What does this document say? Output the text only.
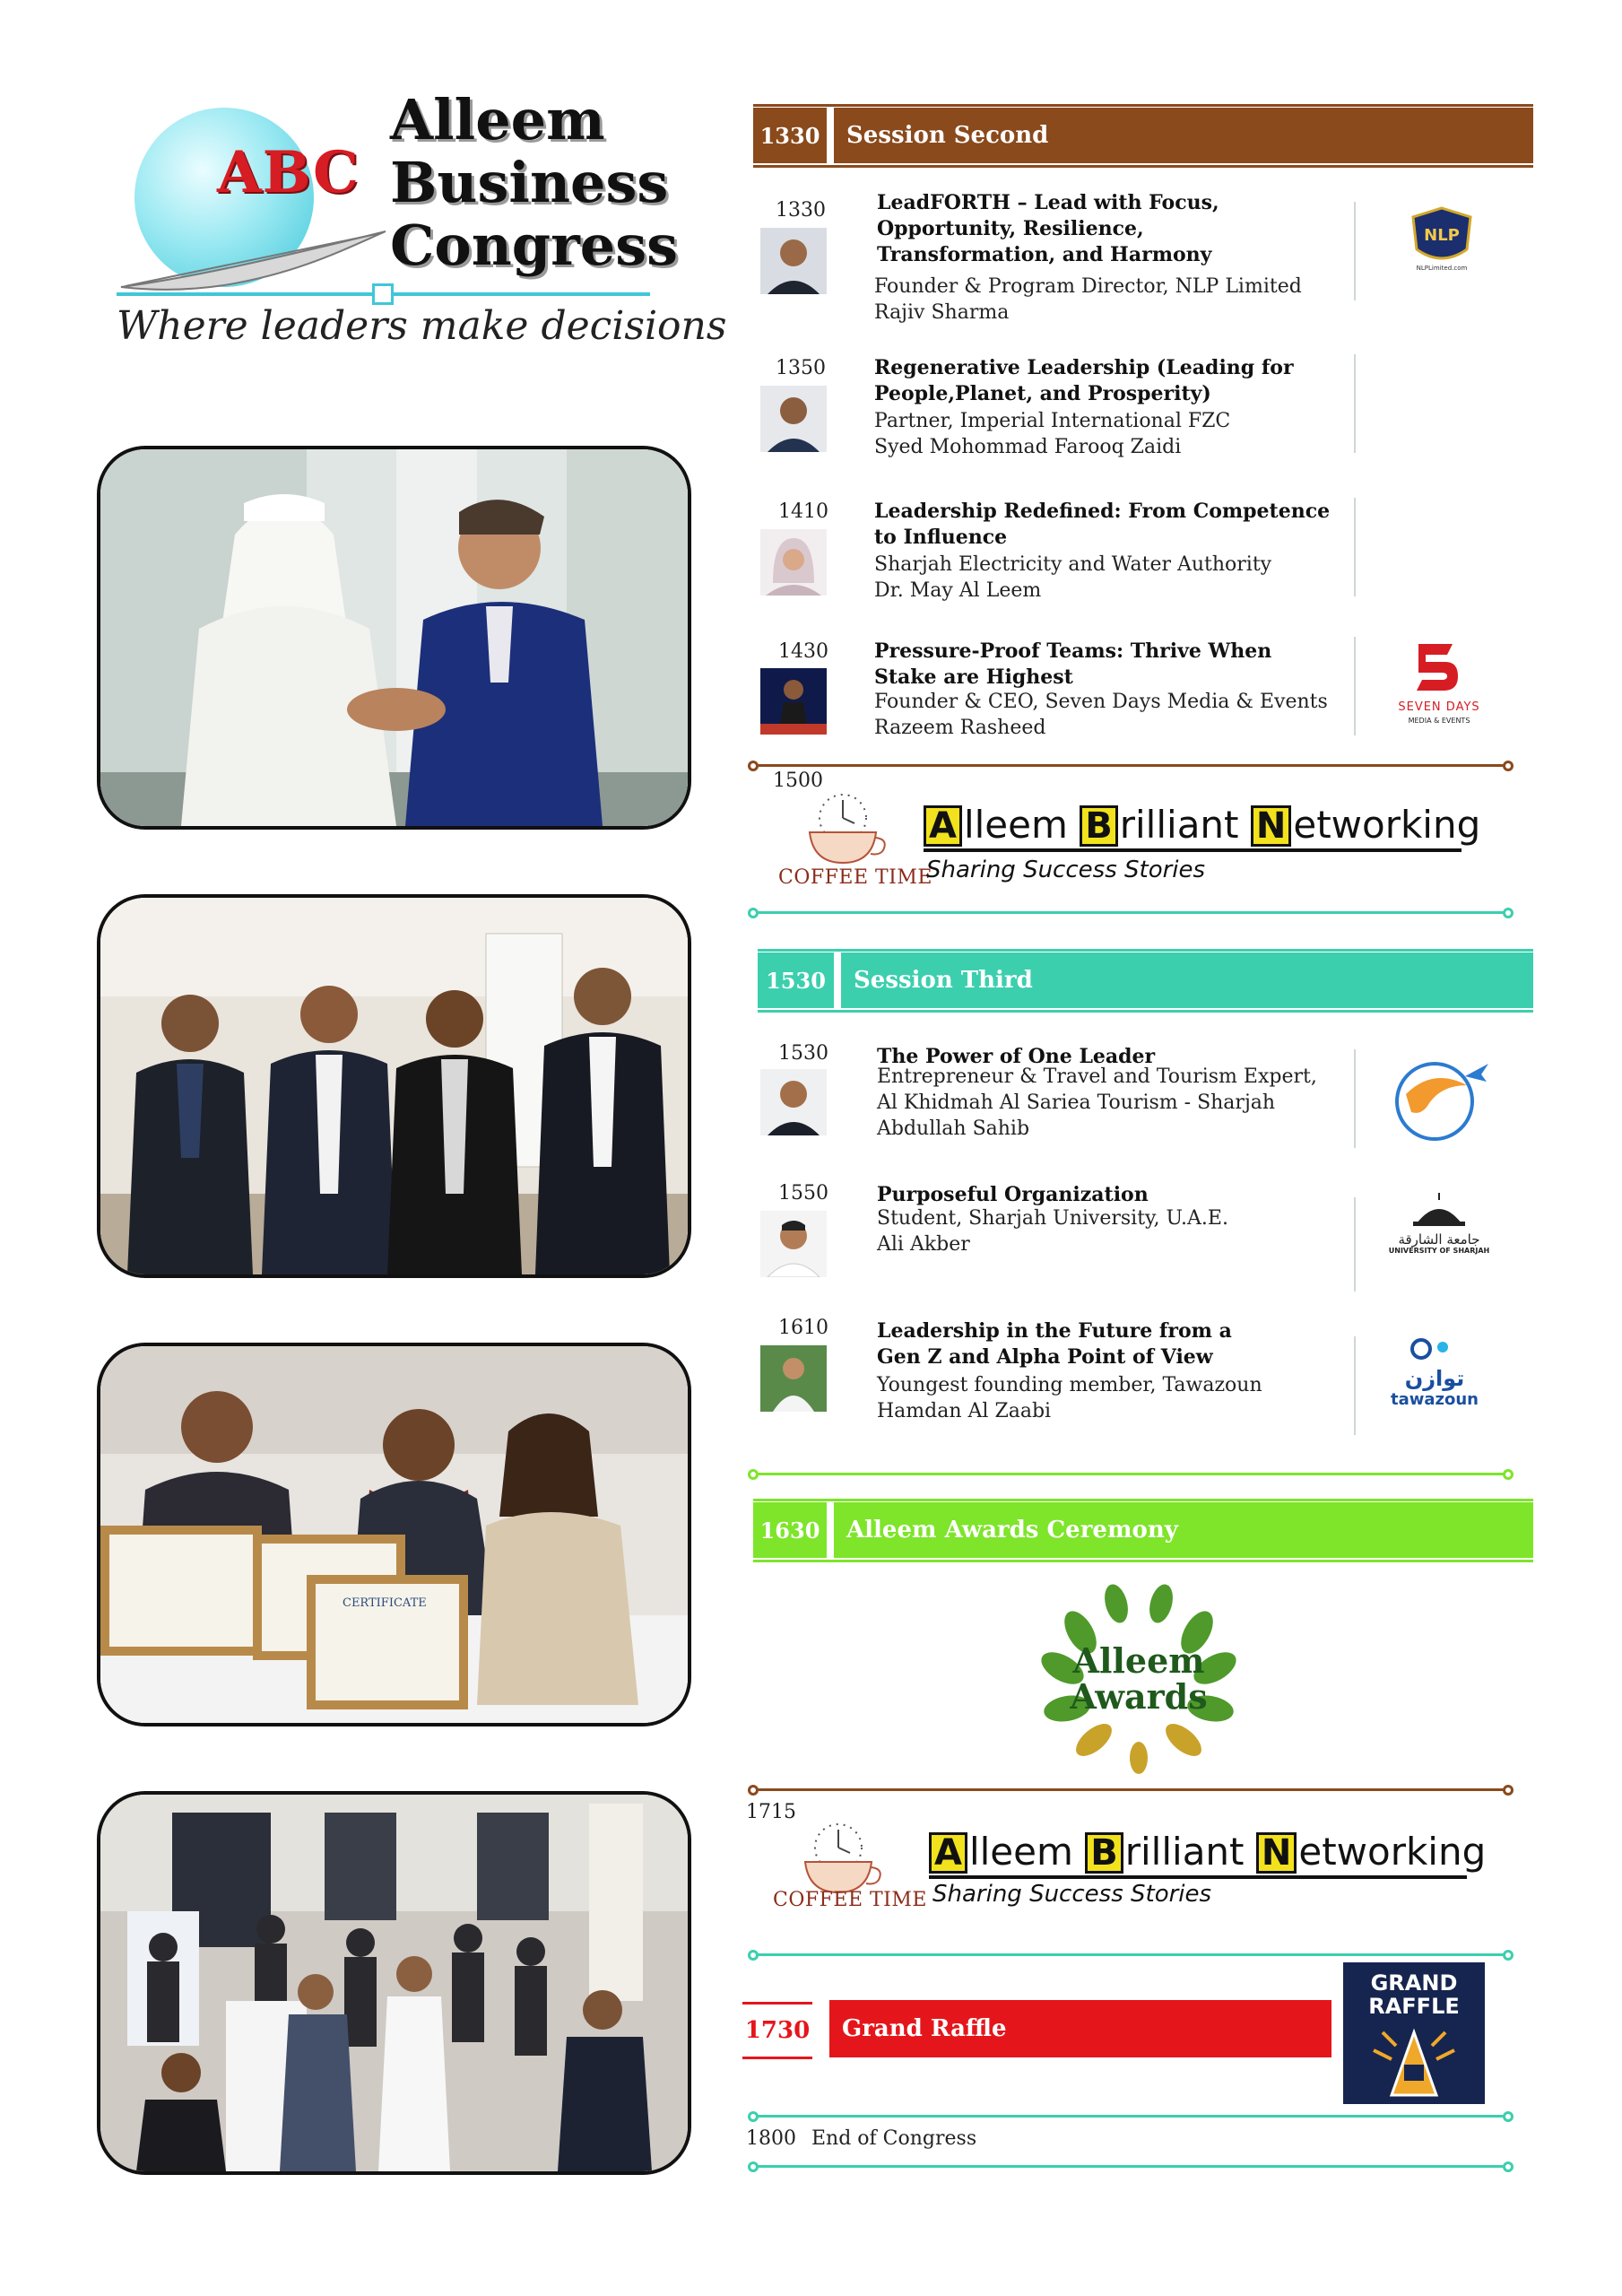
ABC
Alleem
Business
Congress
Where leaders make decisions
CERTIFICATE
1330	Session Second
1330	LeadFORTH – Lead with Focus, Opportunity, Resilience, Transformation, and Harmony
Founder & Program Director, NLP Limited
Rajiv Sharma
NLP
NLPLimited.com
1350 Regenerative Leadership (Leading for People,Planet, and Prosperity)
Partner, Imperial International FZC
Syed Mohommad Farooq Zaidi
1410 Leadership Redefined: From Competence to Influence
Sharjah Electricity and Water Authority
Dr. May Al Leem
1430 Pressure-Proof Teams: Thrive When Stake are Highest
Founder & CEO, Seven Days Media & Events
Razeem Rasheed
SEVEN DAYS
MEDIA & EVENTS
1500
COFFEE TIME
A lleem B rilliant N etworking
Sharing Success Stories
1530	Session Third
1530 The Power of One Leader
Entrepreneur & Travel and Tourism Expert, Al Khidmah Al Sariea Tourism - Sharjah
Abdullah Sahib
1550 Purposeful Organization
Student, Sharjah University, U.A.E.
Ali Akber	جامعة الشارقة
UNIVERSITY OF SHARJAH
1610 Leadership in the Future from a Gen Z and Alpha Point of View
Youngest founding member, Tawazoun
Hamdan Al Zaabi
توازن
tawazoun
1630	Alleem Awards Ceremony
Alleem
Awards
1715
COFFEE TIME
A lleem B rilliant N etworking
Sharing Success Stories
1730	Grand Raffle
GRAND
RAFFLE
1800 End of Congress
